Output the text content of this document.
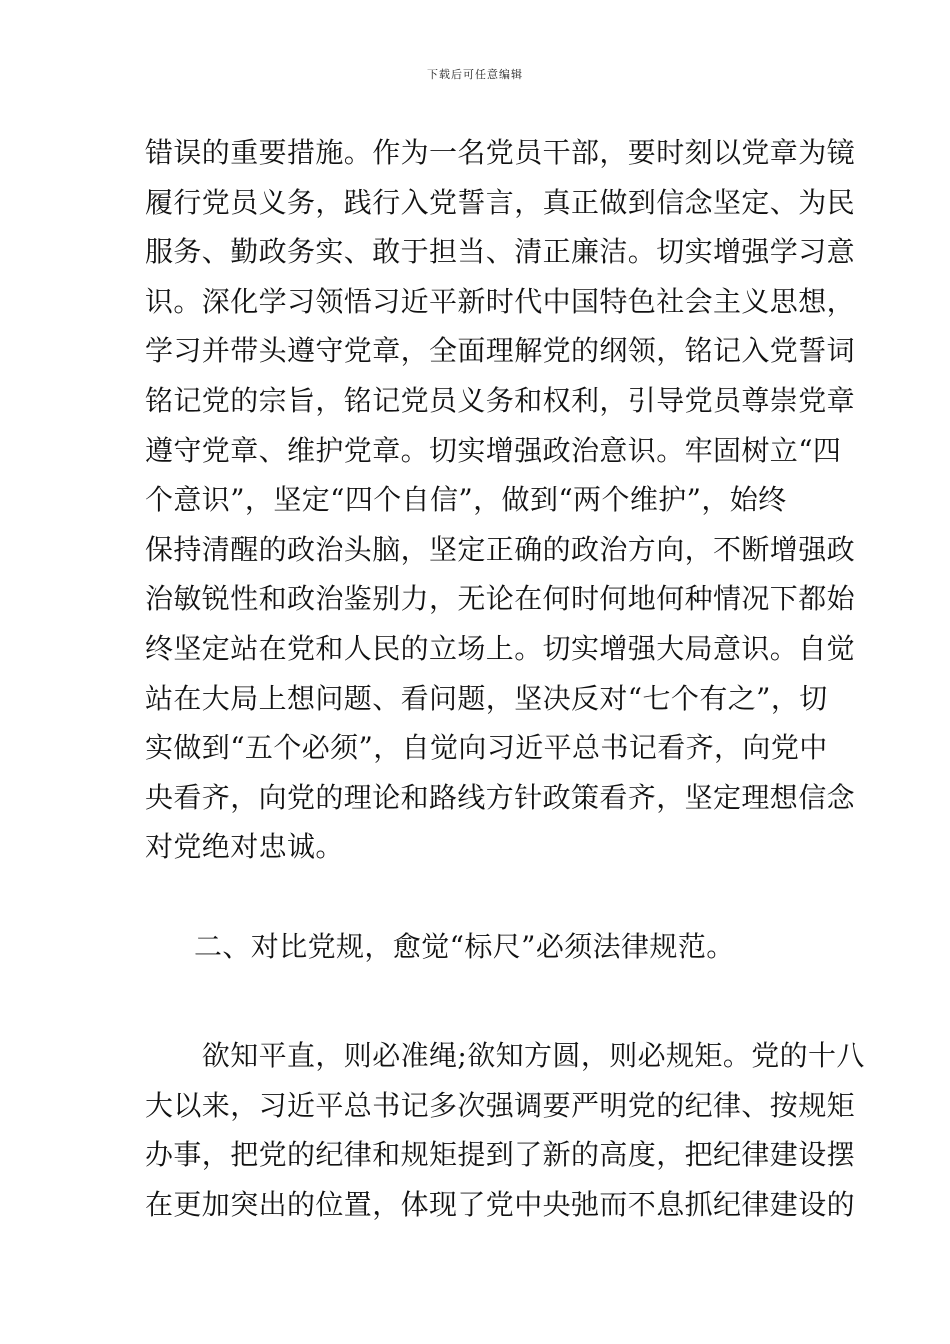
下载后可任意编辑
错误的重要措施。作为一名党员干部，要时刻以党章为镜
履行党员义务，践行入党誓言，真正做到信念坚定、为民
服务、勤政务实、敢于担当、清正廉洁。切实增强学习意
识。深化学习领悟习近平新时代中国特色社会主义思想，
学习并带头遵守党章，全面理解党的纲领，铭记入党誓词
铭记党的宗旨，铭记党员义务和权利，引导党员尊崇党章
遵守党章、维护党章。切实增强政治意识。牢固树立“四
个意识”，坚定“四个自信”，做到“两个维护”，始终
保持清醒的政治头脑，坚定正确的政治方向，不断增强政
治敏锐性和政治鉴别力，无论在何时何地何种情况下都始
终坚定站在党和人民的立场上。切实增强大局意识。自觉
站在大局上想问题、看问题，坚决反对“七个有之”，切
实做到“五个必须”，自觉向习近平总书记看齐，向党中
央看齐，向党的理论和路线方针政策看齐，坚定理想信念
对党绝对忠诚。
二、对比党规，愈觉“标尺”必须法律规范。
　　欲知平直，则必准绳;欲知方圆，则必规矩。党的十八
大以来，习近平总书记多次强调要严明党的纪律、按规矩
办事，把党的纪律和规矩提到了新的高度，把纪律建设摆
在更加突出的位置，体现了党中央弛而不息抓纪律建设的
